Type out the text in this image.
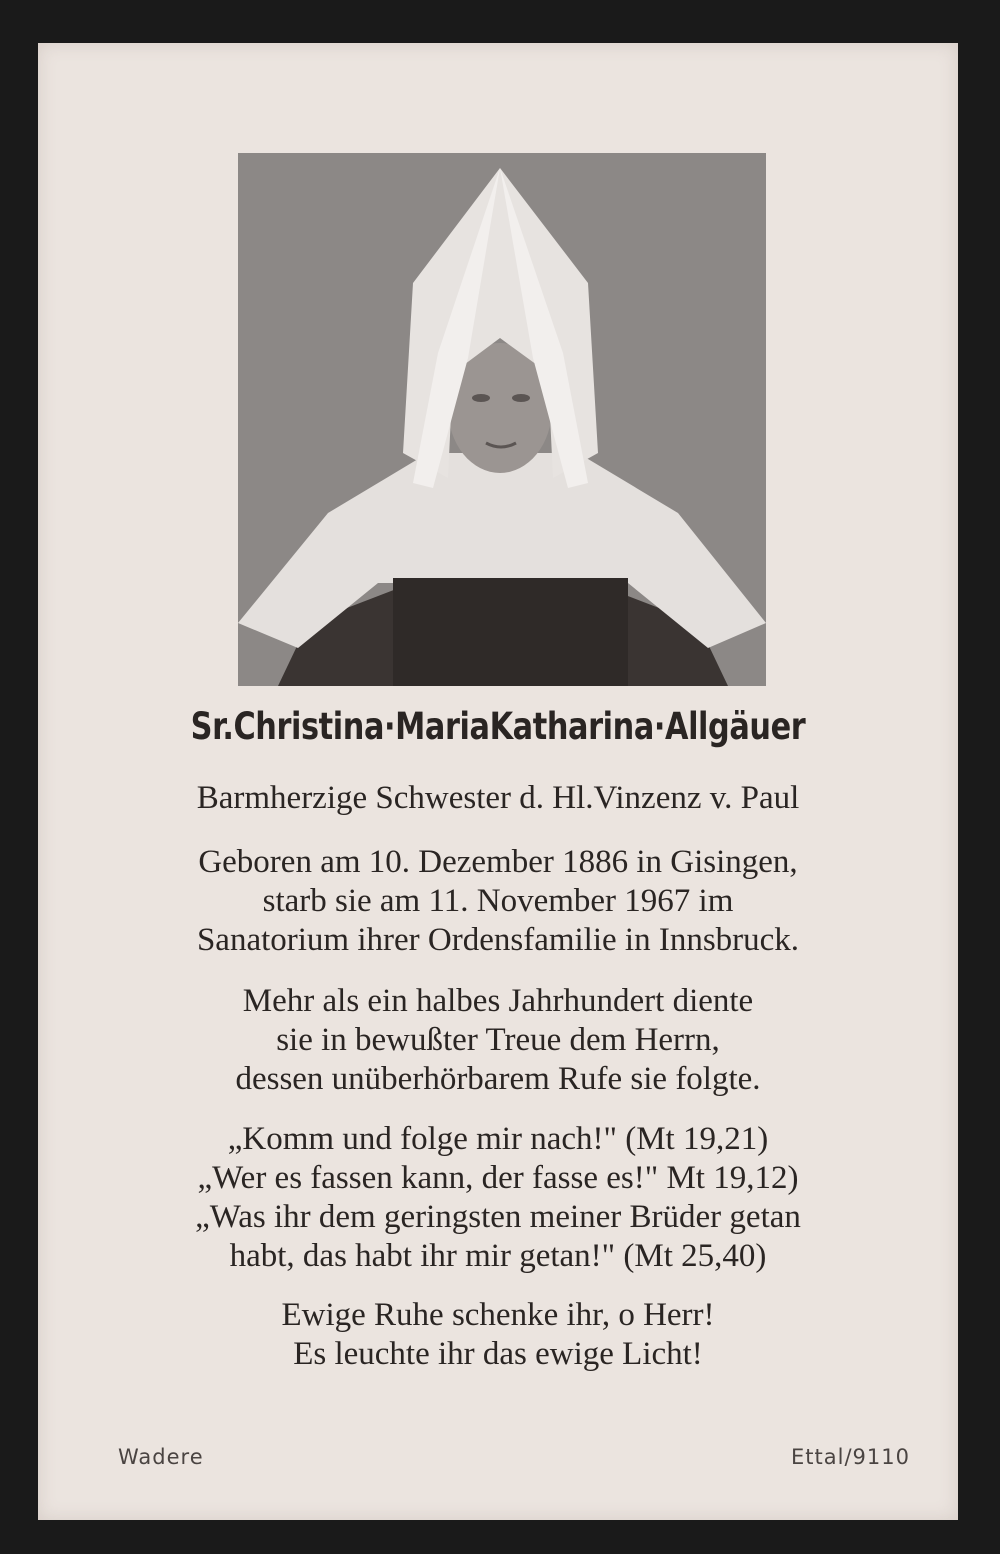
Sr.Christina·MariaKatharina·Allgäuer
Barmherzige Schwester d. Hl.Vinzenz v. Paul
Geboren am 10. Dezember 1886 in Gisingen,
starb sie am 11. November 1967 im
Sanatorium ihrer Ordensfamilie in Innsbruck.
Mehr als ein halbes Jahrhundert diente
sie in bewußter Treue dem Herrn,
dessen unüberhörbarem Rufe sie folgte.
„Komm und folge mir nach!" (Mt 19,21)
„Wer es fassen kann, der fasse es!" Mt 19,12)
„Was ihr dem geringsten meiner Brüder getan
habt, das habt ihr mir getan!" (Mt 25,40)
Ewige Ruhe schenke ihr, o Herr!
Es leuchte ihr das ewige Licht!
Wadere	Ettal/9110
